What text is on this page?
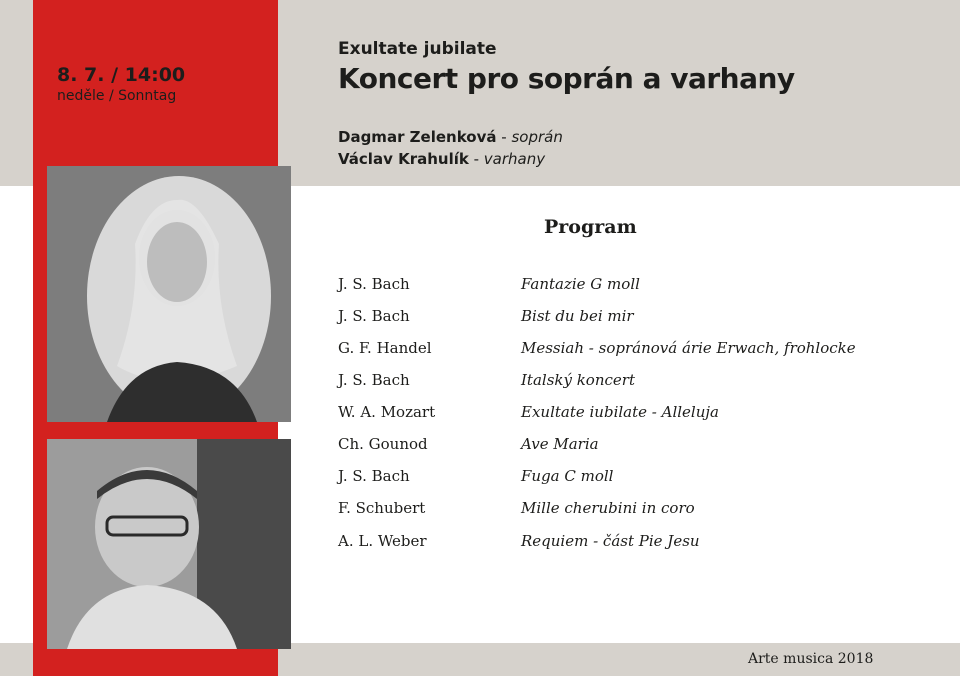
8. 7. / 14:00
neděle / Sonntag
Exultate jubilate
Koncert pro soprán a varhany
Dagmar Zelenková - soprán
Václav Krahulík - varhany
Program
J. S. Bach	Fantazie G moll
J. S. Bach	Bist du bei mir
G. F. Handel	Messiah - sopránová árie Erwach, frohlocke
J. S. Bach	Italský koncert
W. A. Mozart	Exultate iubilate - Alleluja
Ch. Gounod	Ave Maria
J. S. Bach	Fuga C moll
F. Schubert	Mille cherubini in coro
A. L. Weber	Requiem - část Pie Jesu
Arte musica 2018
